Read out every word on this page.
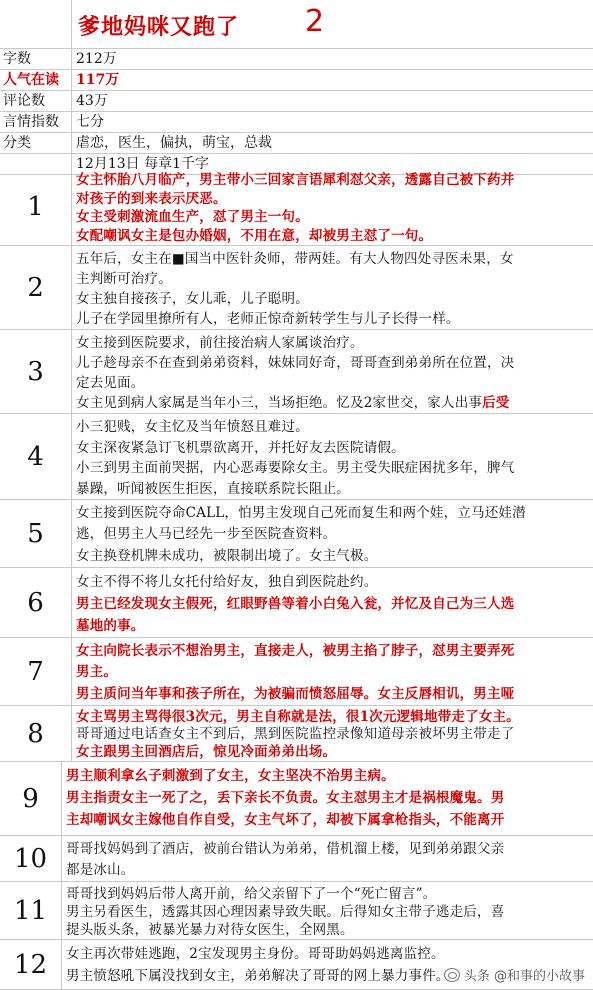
爹地妈咪又跑了 2
字数	212万
人气在读	117万
评论数	43万
言情指数	七分
分类	虐恋，医生，偏执，萌宝，总裁
12月13日 每章1千字
1
女主怀胎八月临产，男主带小三回家言语犀利怼父亲，透露自己被下药并
对孩子的到来表示厌恶。
女主受刺激流血生产，怼了男主一句。
女配嘲讽女主是包办婚姻，不用在意，却被男主怼了一句。
2
五年后，女主在■国当中医针灸师，带两娃。有大人物四处寻医未果，女
主判断可治疗。
女主独自接孩子，女儿乖，儿子聪明。
儿子在学园里撩所有人，老师正惊奇新转学生与儿子长得一样。
3
女主接到医院要求，前往接治病人家属谈治疗。
儿子趁母亲不在查到弟弟资料，妹妹同好奇，哥哥查到弟弟所在位置，决
定去见面。
女主见到病人家属是当年小三，当场拒绝。忆及2家世交，家人出事后受
4
小三犯贱，女主忆及当年愤怒且难过。
女主深夜紧急订飞机票欲离开，并托好友去医院请假。
小三到男主面前哭据，内心恶毒要除女主。男主受失眠症困扰多年，脾气
暴躁，听闻被医生拒医，直接联系院长阻止。
5
女主接到医院夺命CALL，怕男主发现自己死而复生和两个娃，立马还娃潜
逃，但男主人马已经先一步至医院查资料。
女主换登机牌未成功，被限制出境了。女主气极。
6
女主不得不将儿女托付给好友，独自到医院赴约。
男主已经发现女主假死，红眼野兽等着小白兔入瓮，并忆及自己为三人选
墓地的事。
7
女主向院长表示不想治男主，直接走人，被男主掐了脖子，怼男主要弄死
男主。
男主质问当年事和孩子所在，为被骗而愤怒屈辱。女主反唇相讥，男主哑
8
女主骂男主骂得很3次元，男主自称就是法，很1次元逻辑地带走了女主。
哥哥通过电话查女主不到后，黑到医院监控录像知道母亲被坏男主带走了
女主跟男主回酒店后，惊见冷面弟弟出场。
9
男主顺利拿幺子刺激到了女主，女主坚决不治男主病。
男主指责女主一死了之，丢下亲长不负责。女主怼男主才是祸根魔鬼。男
主却嘲讽女主嫁他自作自受，女主气坏了，却被下属拿枪指头，不能离开
10	哥哥找妈妈到了酒店，被前台错认为弟弟，借机溜上楼，见到弟弟跟父亲
都是冰山。
11
哥哥找到妈妈后带人离开前，给父亲留下了一个“死亡留言”。
男主另看医生，透露其因心理因素导致失眠。后得知女主带子逃走后，喜
提头版头条，被暴光暴力对待女医生，全网黑。
12	女主再次带娃逃跑，2宝发现男主身份。哥哥助妈妈逃离监控。
男主愤怒吼下属没找到女主，弟弟解决了哥哥的网上暴力事件。	头条 @和事的小故事
